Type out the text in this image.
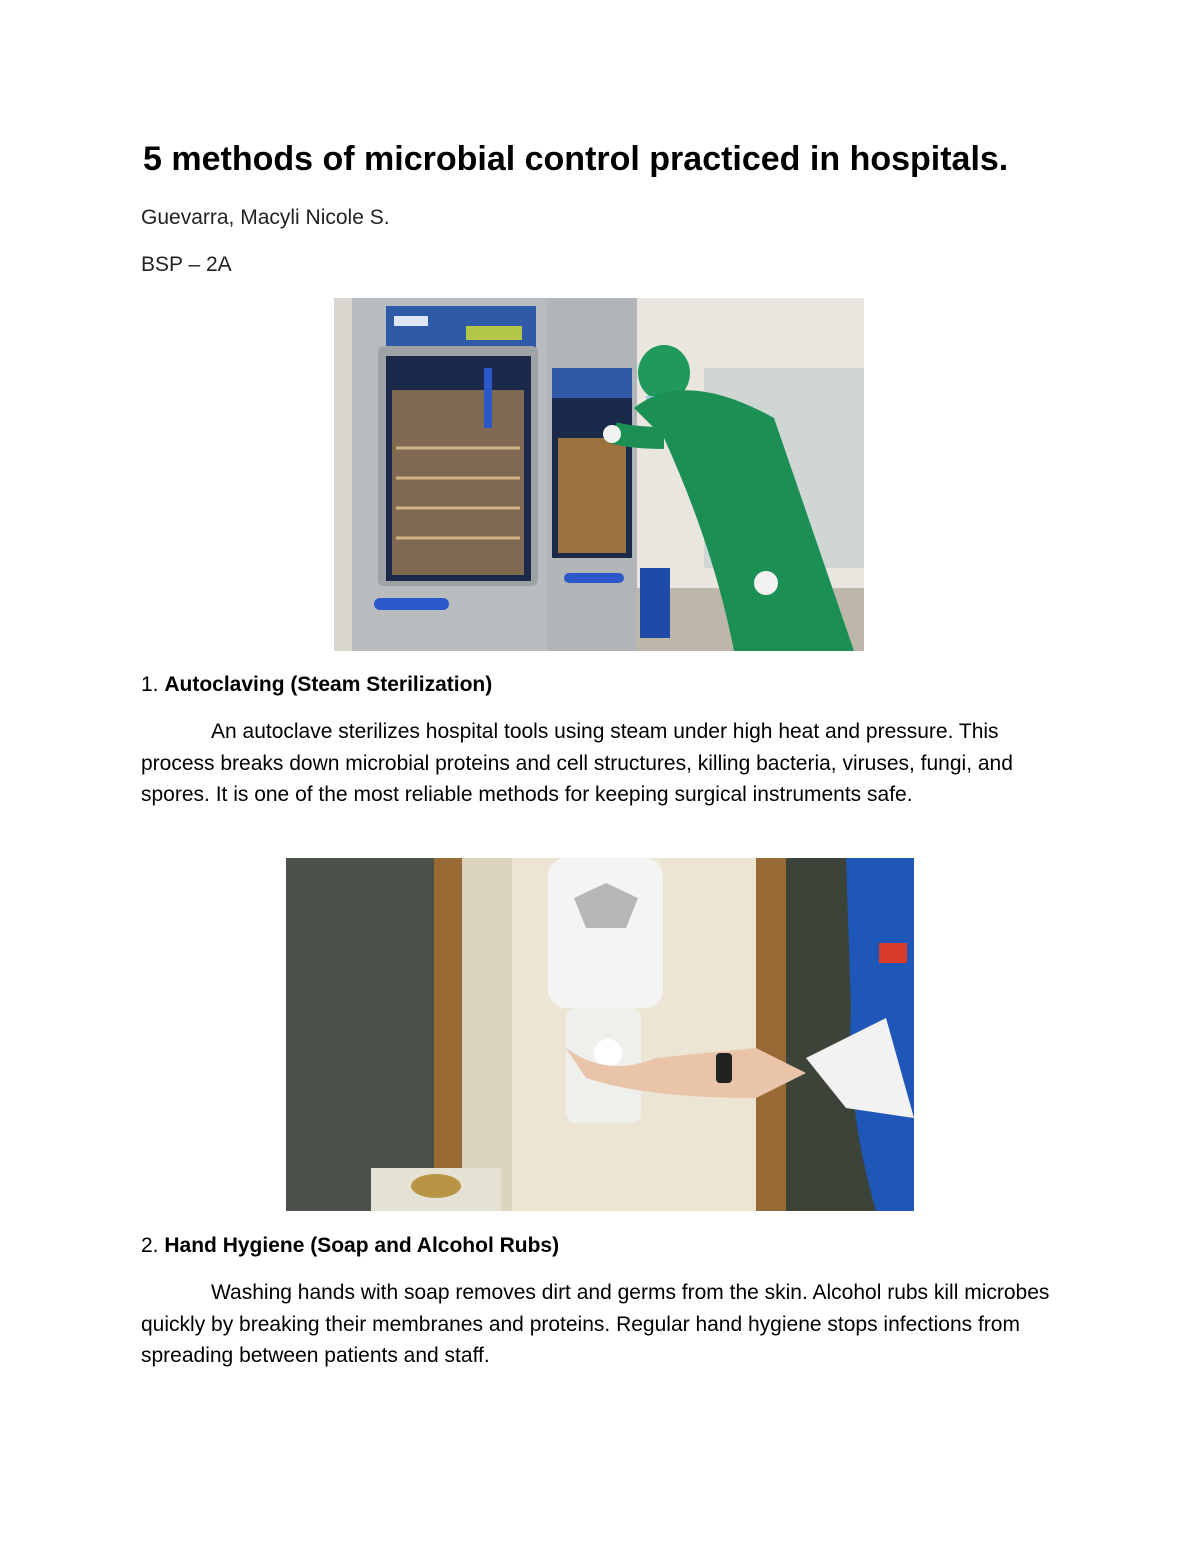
5 methods of microbial control practiced in hospitals.
Guevarra, Macyli Nicole S.
BSP – 2A
1. Autoclaving (Steam Sterilization)

An autoclave sterilizes hospital tools using steam under high heat and pressure. This process breaks down microbial proteins and cell structures, killing bacteria, viruses, fungi, and spores. It is one of the most reliable methods for keeping surgical instruments safe.

2. Hand Hygiene (Soap and Alcohol Rubs)

Washing hands with soap removes dirt and germs from the skin. Alcohol rubs kill microbes quickly by breaking their membranes and proteins. Regular hand hygiene stops infections from spreading between patients and staff.
